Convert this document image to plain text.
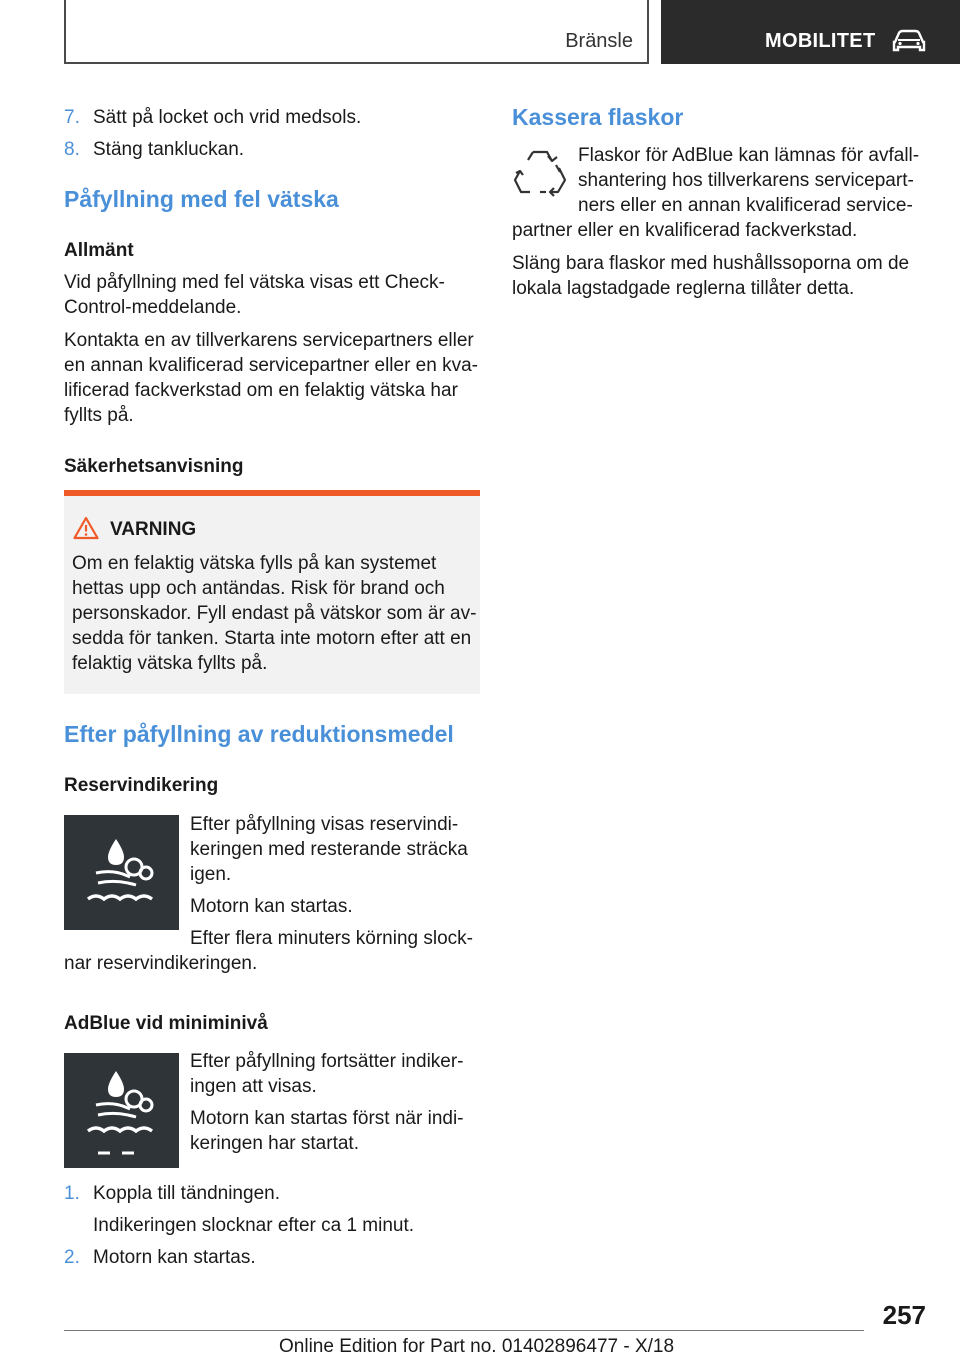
Bränsle	MOBILITET
7. Sätt på locket och vrid medsols.
8. Stäng tankluckan.
Påfyllning med fel vätska
Allmänt
Vid påfyllning med fel vätska visas ett Check-
Control-meddelande.
Kontakta en av tillverkarens servicepartners eller
en annan kvalificerad servicepartner eller en kva-
lificerad fackverkstad om en felaktig vätska har
fyllts på.
Säkerhetsanvisning
VARNING
Om en felaktig vätska fylls på kan systemet
hettas upp och antändas. Risk för brand och
personskador. Fyll endast på vätskor som är av-
sedda för tanken. Starta inte motorn efter att en
felaktig vätska fyllts på.
Efter påfyllning av reduktionsmedel
Reservindikering
Efter påfyllning visas reservindi-
keringen med resterande sträcka
igen.
Motorn kan startas.
Efter flera minuters körning slock-
nar reservindikeringen.
AdBlue vid miniminivå
Efter påfyllning fortsätter indiker-
ingen att visas.
Motorn kan startas först när indi-
keringen har startat.
1. Koppla till tändningen.
Indikeringen slocknar efter ca 1 minut.
2. Motorn kan startas.
Kassera flaskor
Flaskor för AdBlue kan lämnas för avfall-
shantering hos tillverkarens servicepart-
ners eller en annan kvalificerad service-
partner eller en kvalificerad fackverkstad.
Släng bara flaskor med hushållssoporna om de
lokala lagstadgade reglerna tillåter detta.
257
Online Edition for Part no. 01402896477 - X/18
